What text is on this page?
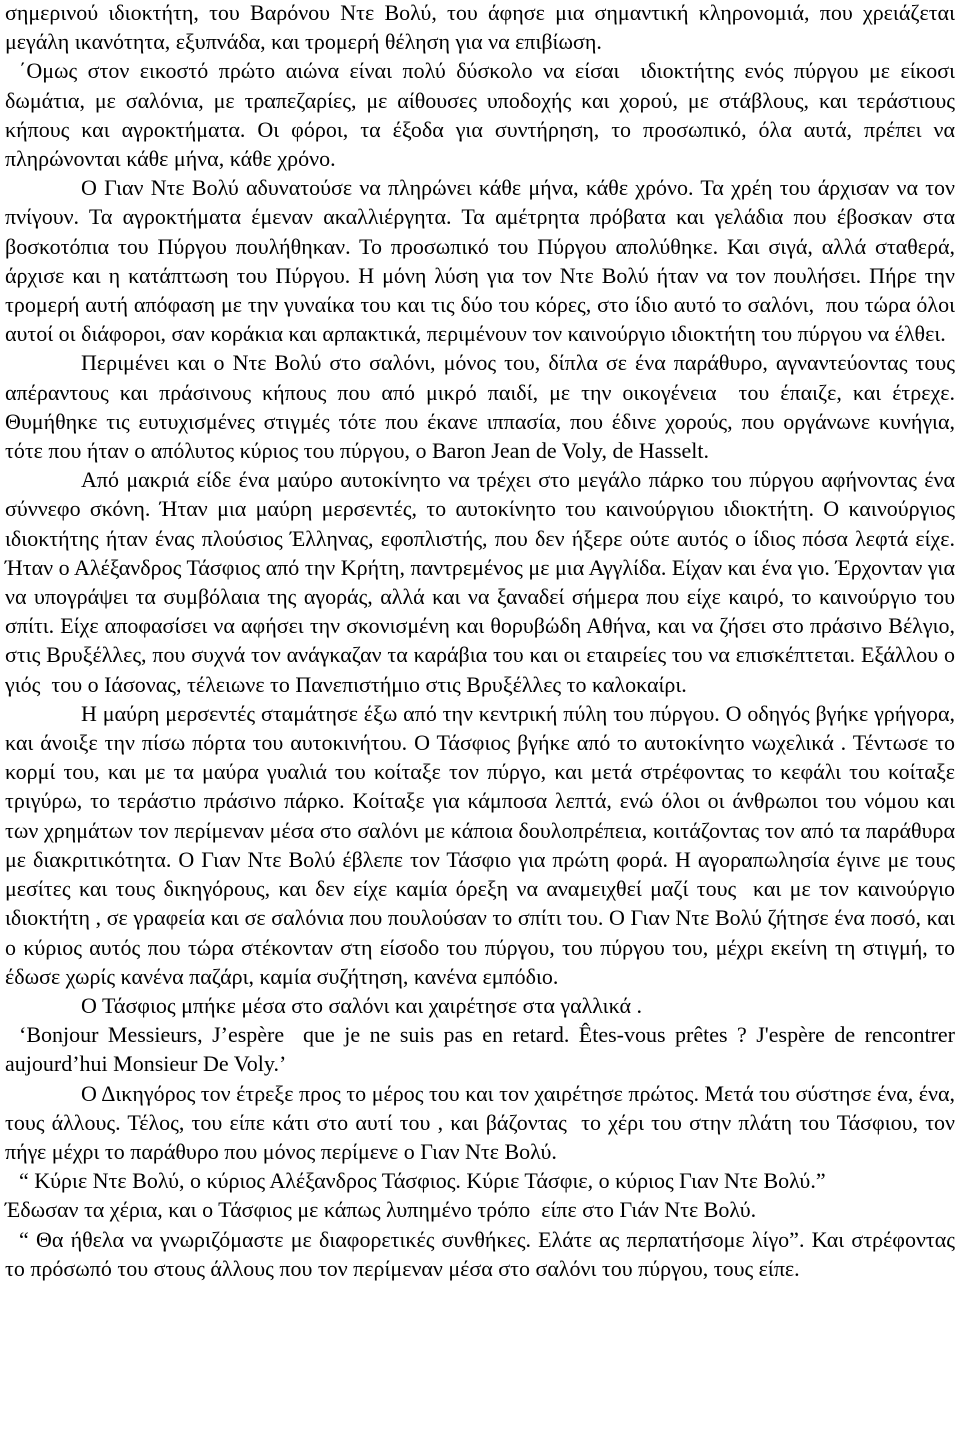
σημερινού ιδιοκτήτη, του Βαρόνου Ντε Βολύ, του άφησε μια σημαντική κληρονομιά, που χρειάζεται μεγάλη ικανότητα, εξυπνάδα, και τρομερή θέληση για να επιβίωση.

΄Ομως στον εικοστό πρώτο αιώνα είναι πολύ δύσκολο να είσαι  ιδιοκτήτης ενός πύργου με είκοσι δωμάτια, με σαλόνια, με τραπεζαρίες, με αίθουσες υποδοχής και χορού, με στάβλους, και τεράστιους κήπους και αγροκτήματα. Οι φόροι, τα έξοδα για συντήρηση, το προσωπικό, όλα αυτά, πρέπει να πληρώνονται κάθε μήνα, κάθε χρόνο.

Ο Γιαν Ντε Βολύ αδυνατούσε να πληρώνει κάθε μήνα, κάθε χρόνο. Τα χρέη του άρχισαν να τον πνίγουν. Τα αγροκτήματα έμεναν ακαλλιέργητα. Τα αμέτρητα πρόβατα και γελάδια που έβοσκαν στα βοσκοτόπια του Πύργου πουλήθηκαν. Το προσωπικό του Πύργου απολύθηκε. Και σιγά, αλλά σταθερά, άρχισε και η κατάπτωση του Πύργου. Η μόνη λύση για τον Ντε Βολύ ήταν να τον πουλήσει. Πήρε την τρομερή αυτή απόφαση με την γυναίκα του και τις δύο του κόρες, στο ίδιο αυτό το σαλόνι,  που τώρα όλοι αυτοί οι διάφοροι, σαν κοράκια και αρπακτικά, περιμένουν τον καινούργιο ιδιοκτήτη του πύργου να έλθει.

Περιμένει και ο Ντε Βολύ στο σαλόνι, μόνος του, δίπλα σε ένα παράθυρο, αγναντεύοντας τους απέραντους και πράσινους κήπους που από μικρό παιδί, με την οικογένεια  του έπαιζε, και έτρεχε. Θυμήθηκε τις ευτυχισμένες στιγμές τότε που έκανε ιππασία, που έδινε χορούς, που οργάνωνε κυνήγια, τότε που ήταν ο απόλυτος κύριος του πύργου, ο Baron Jean de Voly, de Hasselt.

Από μακριά είδε ένα μαύρο αυτοκίνητο να τρέχει στο μεγάλο πάρκο του πύργου αφήνοντας ένα σύννεφο σκόνη. Ήταν μια μαύρη μερσεντές, το αυτοκίνητο του καινούργιου ιδιοκτήτη. Ο καινούργιος ιδιοκτήτης ήταν ένας πλούσιος Έλληνας, εφοπλιστής, που δεν ήξερε ούτε αυτός ο ίδιος πόσα λεφτά είχε. Ήταν ο Αλέξανδρος Τάσφιος από την Κρήτη, παντρεμένος με μια Αγγλίδα. Είχαν και ένα γιο. Έρχονταν για να υπογράψει τα συμβόλαια της αγοράς, αλλά και να ξαναδεί σήμερα που είχε καιρό, το καινούργιο του σπίτι. Είχε αποφασίσει να αφήσει την σκονισμένη και θορυβώδη Αθήνα, και να ζήσει στο πράσινο Βέλγιο, στις Βρυξέλλες, που συχνά τον ανάγκαζαν τα καράβια του και οι εταιρείες του να επισκέπτεται. Εξάλλου ο γιός  του ο Ιάσονας, τέλειωνε το Πανεπιστήμιο στις Βρυξέλλες το καλοκαίρι.

Η μαύρη μερσεντές σταμάτησε έξω από την κεντρική πύλη του πύργου. Ο οδηγός βγήκε γρήγορα, και άνοιξε την πίσω πόρτα του αυτοκινήτου. Ο Τάσφιος βγήκε από το αυτοκίνητο νωχελικά . Τέντωσε το κορμί του, και με τα μαύρα γυαλιά του κοίταξε τον πύργο, και μετά στρέφοντας το κεφάλι του κοίταξε τριγύρω, το τεράστιο πράσινο πάρκο. Κοίταξε για κάμποσα λεπτά, ενώ όλοι οι άνθρωποι του νόμου και των χρημάτων τον περίμεναν μέσα στο σαλόνι με κάποια δουλοπρέπεια, κοιτάζοντας τον από τα παράθυρα με διακριτικότητα. Ο Γιαν Ντε Βολύ έβλεπε τον Τάσφιο για πρώτη φορά. Η αγοραπωλησία έγινε με τους μεσίτες και τους δικηγόρους, και δεν είχε καμία όρεξη να αναμειχθεί μαζί τους  και με τον καινούργιο ιδιοκτήτη , σε γραφεία και σε σαλόνια που πουλούσαν το σπίτι του. Ο Γιαν Ντε Βολύ ζήτησε ένα ποσό, και ο κύριος αυτός που τώρα στέκονταν στη είσοδο του πύργου, του πύργου του, μέχρι εκείνη τη στιγμή, το έδωσε χωρίς κανένα παζάρι, καμία συζήτηση, κανένα εμπόδιο.

Ο Τάσφιος μπήκε μέσα στο σαλόνι και χαιρέτησε στα γαλλικά .

‘Bonjour Messieurs, J’espère  que je ne suis pas en retard. Êtes-vous prêtes ? J'espère de rencontrer aujourd’hui Monsieur De Voly.’

Ο Δικηγόρος τον έτρεξε προς το μέρος του και τον χαιρέτησε πρώτος. Μετά του σύστησε ένα, ένα, τους άλλους. Τέλος, του είπε κάτι στο αυτί του , και βάζοντας  το χέρι του στην πλάτη του Τάσφιου, τον πήγε μέχρι το παράθυρο που μόνος περίμενε ο Γιαν Ντε Βολύ.

“ Κύριε Ντε Βολύ, ο κύριος Αλέξανδρος Τάσφιος. Κύριε Τάσφιε, ο κύριος Γιαν Ντε Βολύ.”

Έδωσαν τα χέρια, και ο Τάσφιος με κάπως λυπημένο τρόπο  είπε στο Γιάν Ντε Βολύ.

“ Θα ήθελα να γνωριζόμαστε με διαφορετικές συνθήκες. Ελάτε ας περπατήσομε λίγο”. Και στρέφοντας το πρόσωπό του στους άλλους που τον περίμεναν μέσα στο σαλόνι του πύργου, τους είπε.
